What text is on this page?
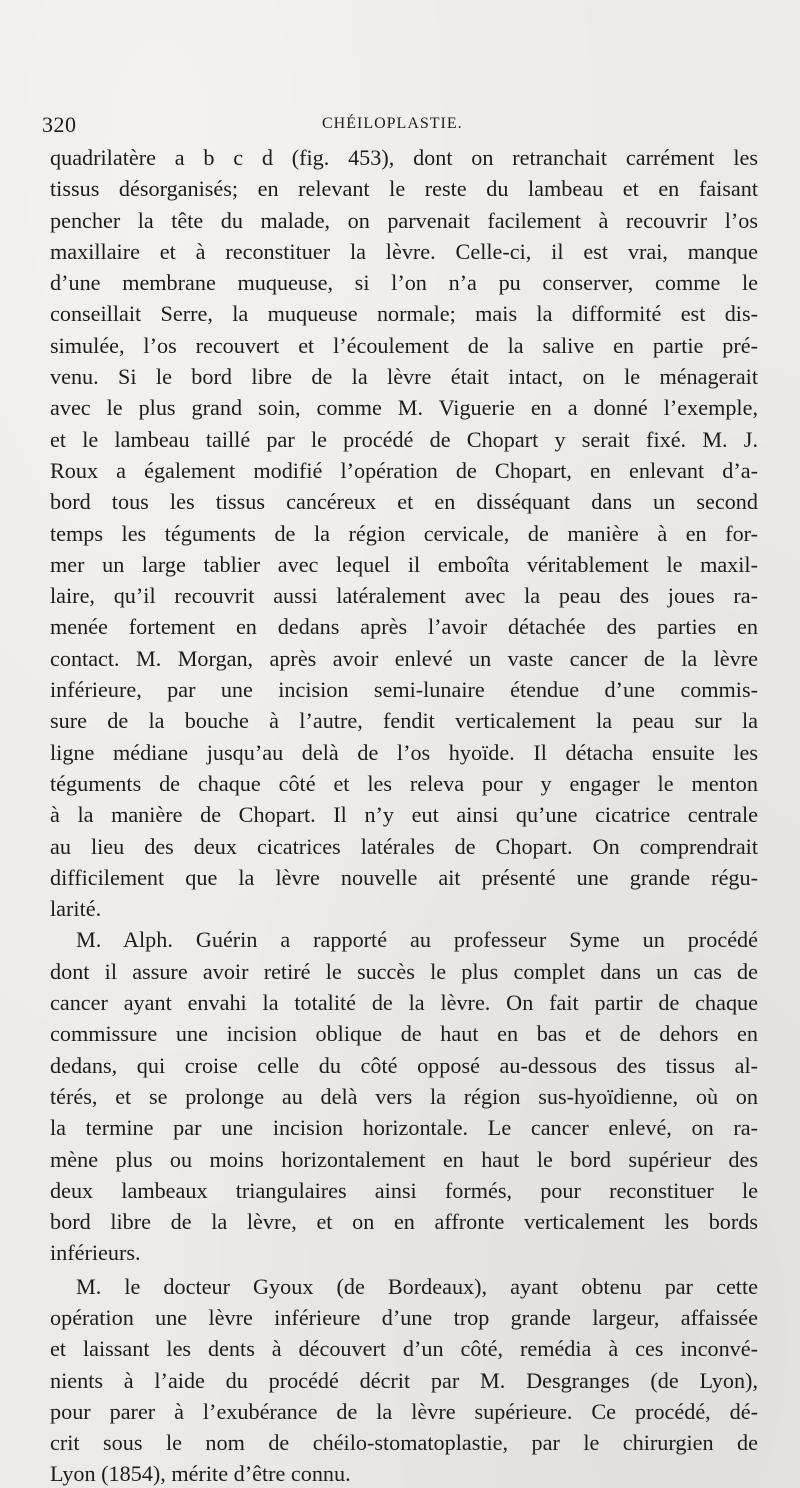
320	CHÉILOPLASTIE.
quadrilatère a b c d (fig. 453), dont on retranchait carrément les
tissus désorganisés; en relevant le reste du lambeau et en faisant
pencher la tête du malade, on parvenait facilement à recouvrir l’os
maxillaire et à reconstituer la lèvre. Celle-ci, il est vrai, manque
d’une membrane muqueuse, si l’on n’a pu conserver, comme le
conseillait Serre, la muqueuse normale; mais la difformité est dis-
simulée, l’os recouvert et l’écoulement de la salive en partie pré-
venu. Si le bord libre de la lèvre était intact, on le ménagerait
avec le plus grand soin, comme M. Viguerie en a donné l’exemple,
et le lambeau taillé par le procédé de Chopart y serait fixé. M. J.
Roux a également modifié l’opération de Chopart, en enlevant d’a-
bord tous les tissus cancéreux et en disséquant dans un second
temps les téguments de la région cervicale, de manière à en for-
mer un large tablier avec lequel il emboîta véritablement le maxil-
laire, qu’il recouvrit aussi latéralement avec la peau des joues ra-
menée fortement en dedans après l’avoir détachée des parties en
contact. M. Morgan, après avoir enlevé un vaste cancer de la lèvre
inférieure, par une incision semi-lunaire étendue d’une commis-
sure de la bouche à l’autre, fendit verticalement la peau sur la
ligne médiane jusqu’au delà de l’os hyoïde. Il détacha ensuite les
téguments de chaque côté et les releva pour y engager le menton
à la manière de Chopart. Il n’y eut ainsi qu’une cicatrice centrale
au lieu des deux cicatrices latérales de Chopart. On comprendrait
difficilement que la lèvre nouvelle ait présenté une grande régu-
larité.
M. Alph. Guérin a rapporté au professeur Syme un procédé
dont il assure avoir retiré le succès le plus complet dans un cas de
cancer ayant envahi la totalité de la lèvre. On fait partir de chaque
commissure une incision oblique de haut en bas et de dehors en
dedans, qui croise celle du côté opposé au-dessous des tissus al-
térés, et se prolonge au delà vers la région sus-hyoïdienne, où on
la termine par une incision horizontale. Le cancer enlevé, on ra-
mène plus ou moins horizontalement en haut le bord supérieur des
deux lambeaux triangulaires ainsi formés, pour reconstituer le
bord libre de la lèvre, et on en affronte verticalement les bords
inférieurs.
M. le docteur Gyoux (de Bordeaux), ayant obtenu par cette
opération une lèvre inférieure d’une trop grande largeur, affaissée
et laissant les dents à découvert d’un côté, remédia à ces inconvé-
nients à l’aide du procédé décrit par M. Desgranges (de Lyon),
pour parer à l’exubérance de la lèvre supérieure. Ce procédé, dé-
crit sous le nom de chéilo-stomatoplastie, par le chirurgien de
Lyon (1854), mérite d’être connu.
